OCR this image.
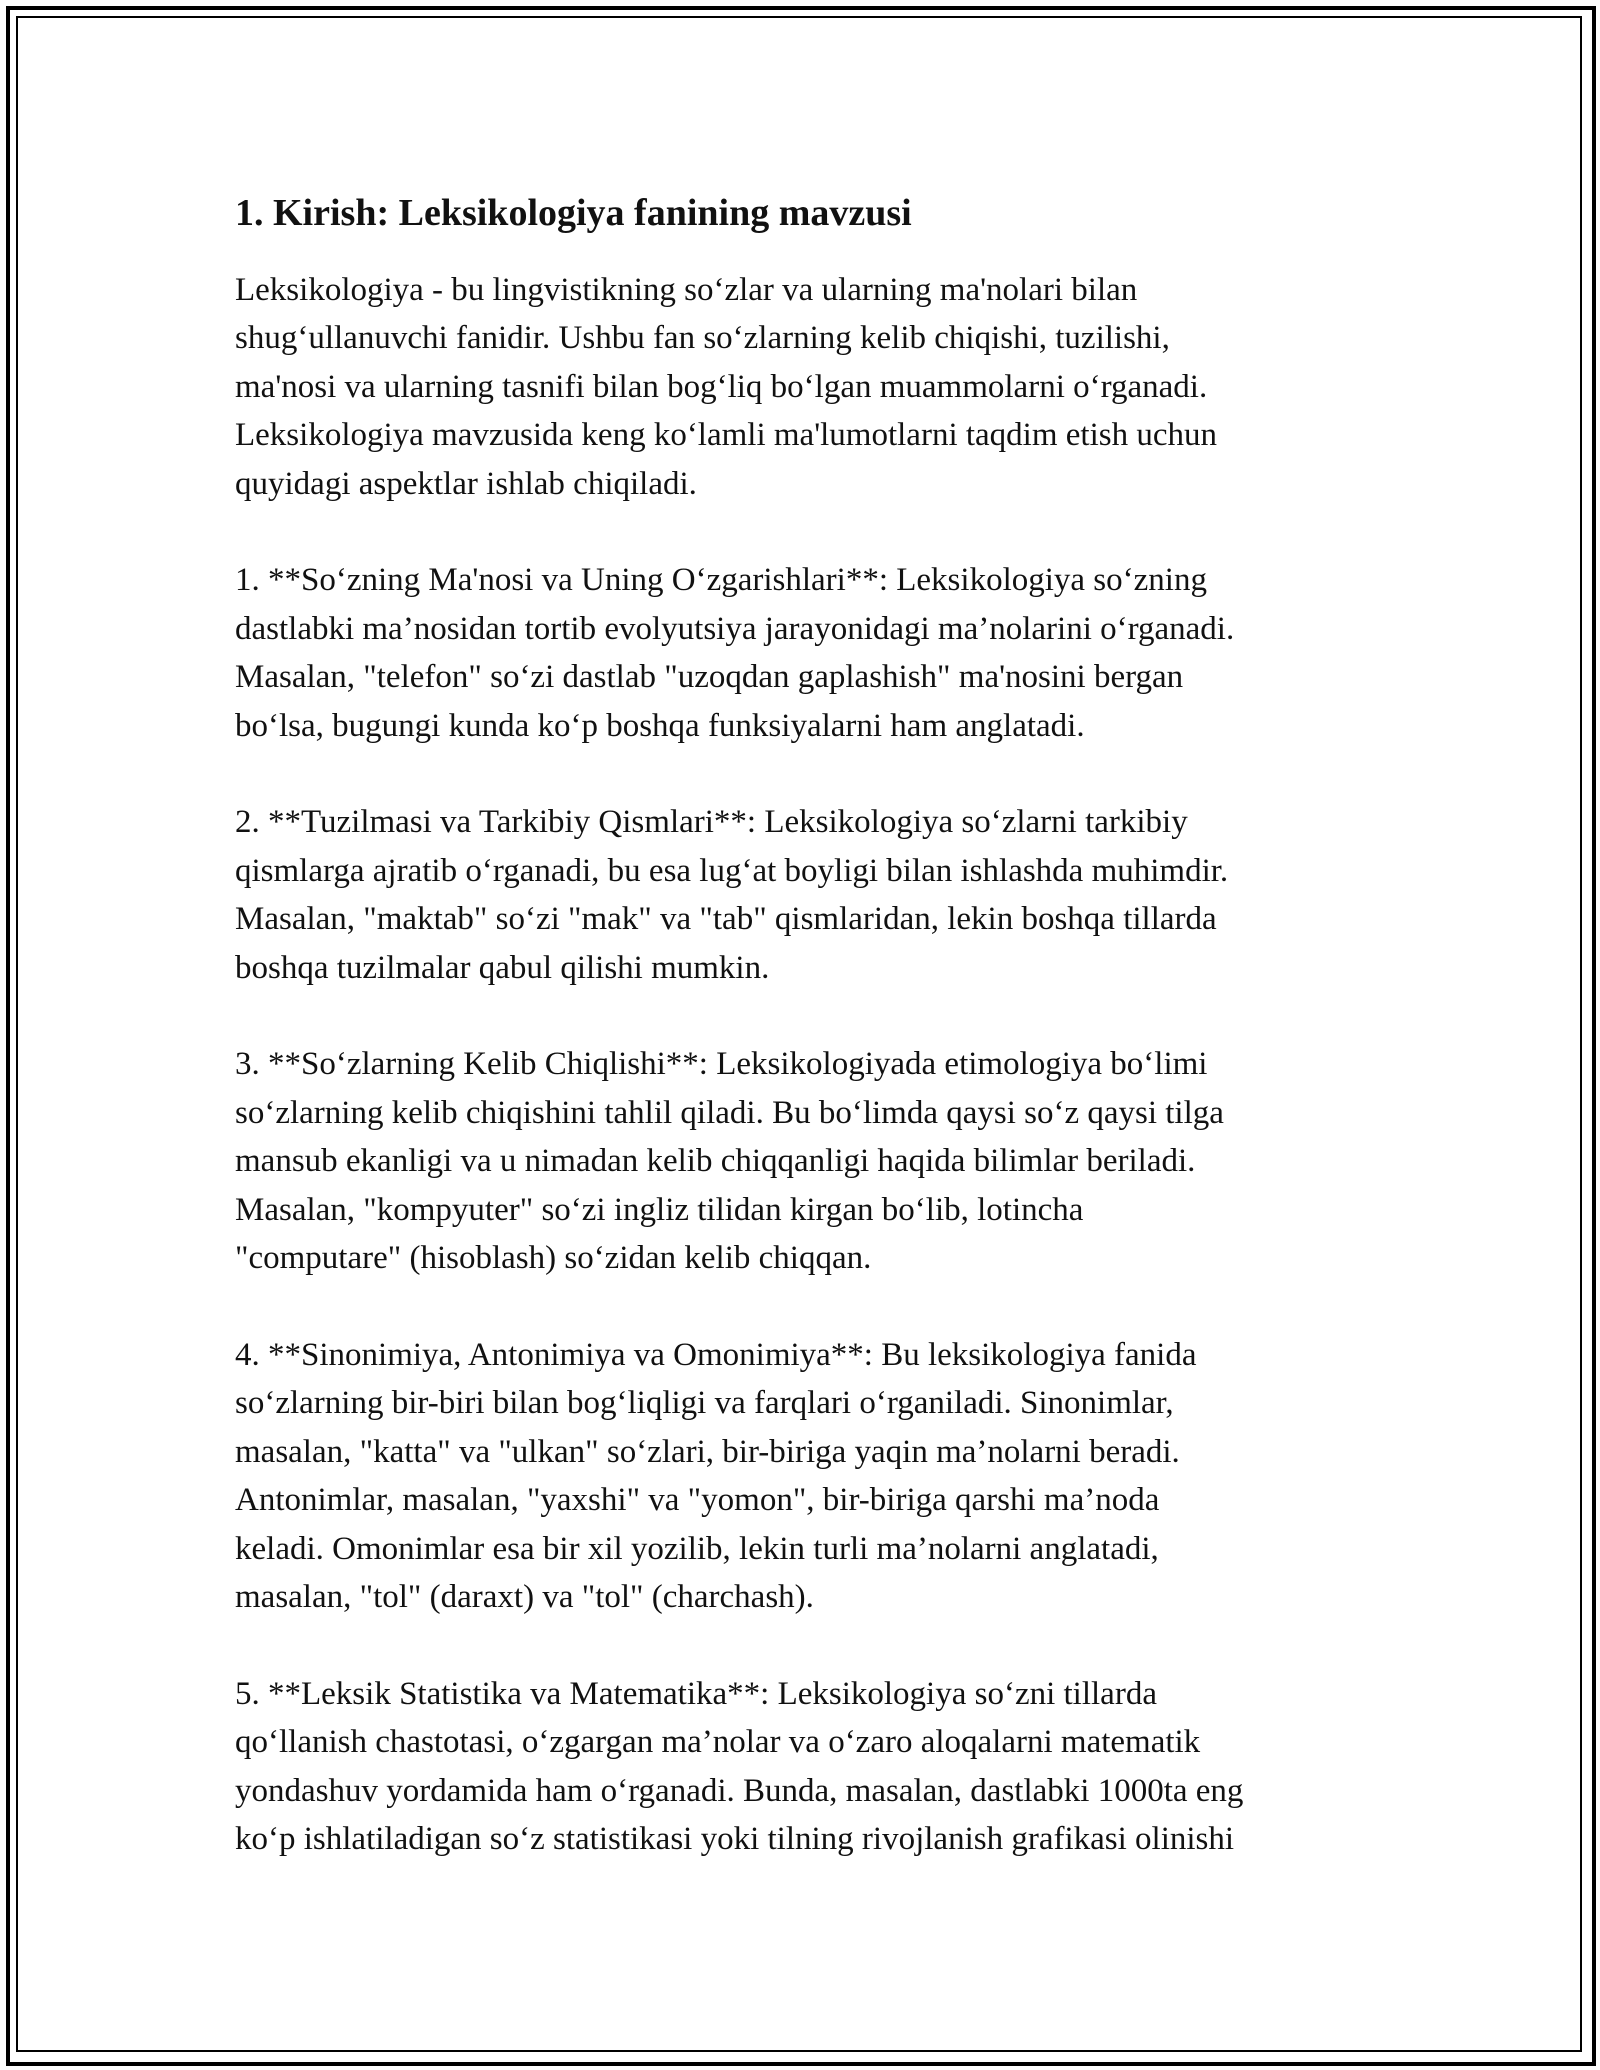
1. Kirish: Leksikologiya fanining mavzusi
Leksikologiya - bu lingvistikning so‘zlar va ularning ma'nolari bilan
shug‘ullanuvchi fanidir. Ushbu fan so‘zlarning kelib chiqishi, tuzilishi,
ma'nosi va ularning tasnifi bilan bog‘liq bo‘lgan muammolarni o‘rganadi.
Leksikologiya mavzusida keng ko‘lamli ma'lumotlarni taqdim etish uchun
quyidagi aspektlar ishlab chiqiladi.
1. **So‘zning Ma'nosi va Uning O‘zgarishlari**: Leksikologiya so‘zning
dastlabki ma’nosidan tortib evolyutsiya jarayonidagi ma’nolarini o‘rganadi.
Masalan, "telefon" so‘zi dastlab "uzoqdan gaplashish" ma'nosini bergan
bo‘lsa, bugungi kunda ko‘p boshqa funksiyalarni ham anglatadi.
2. **Tuzilmasi va Tarkibiy Qismlari**: Leksikologiya so‘zlarni tarkibiy
qismlarga ajratib o‘rganadi, bu esa lug‘at boyligi bilan ishlashda muhimdir.
Masalan, "maktab" so‘zi "mak" va "tab" qismlaridan, lekin boshqa tillarda
boshqa tuzilmalar qabul qilishi mumkin.
3. **So‘zlarning Kelib Chiqlishi**: Leksikologiyada etimologiya bo‘limi
so‘zlarning kelib chiqishini tahlil qiladi. Bu bo‘limda qaysi so‘z qaysi tilga
mansub ekanligi va u nimadan kelib chiqqanligi haqida bilimlar beriladi.
Masalan, "kompyuter" so‘zi ingliz tilidan kirgan bo‘lib, lotincha
"computare" (hisoblash) so‘zidan kelib chiqqan.
4. **Sinonimiya, Antonimiya va Omonimiya**: Bu leksikologiya fanida
so‘zlarning bir-biri bilan bog‘liqligi va farqlari o‘rganiladi. Sinonimlar,
masalan, "katta" va "ulkan" so‘zlari, bir-biriga yaqin ma’nolarni beradi.
Antonimlar, masalan, "yaxshi" va "yomon", bir-biriga qarshi ma’noda
keladi. Omonimlar esa bir xil yozilib, lekin turli ma’nolarni anglatadi,
masalan, "tol" (daraxt) va "tol" (charchash).
5. **Leksik Statistika va Matematika**: Leksikologiya so‘zni tillarda
qo‘llanish chastotasi, o‘zgargan ma’nolar va o‘zaro aloqalarni matematik
yondashuv yordamida ham o‘rganadi. Bunda, masalan, dastlabki 1000ta eng
ko‘p ishlatiladigan so‘z statistikasi yoki tilning rivojlanish grafikasi olinishi
